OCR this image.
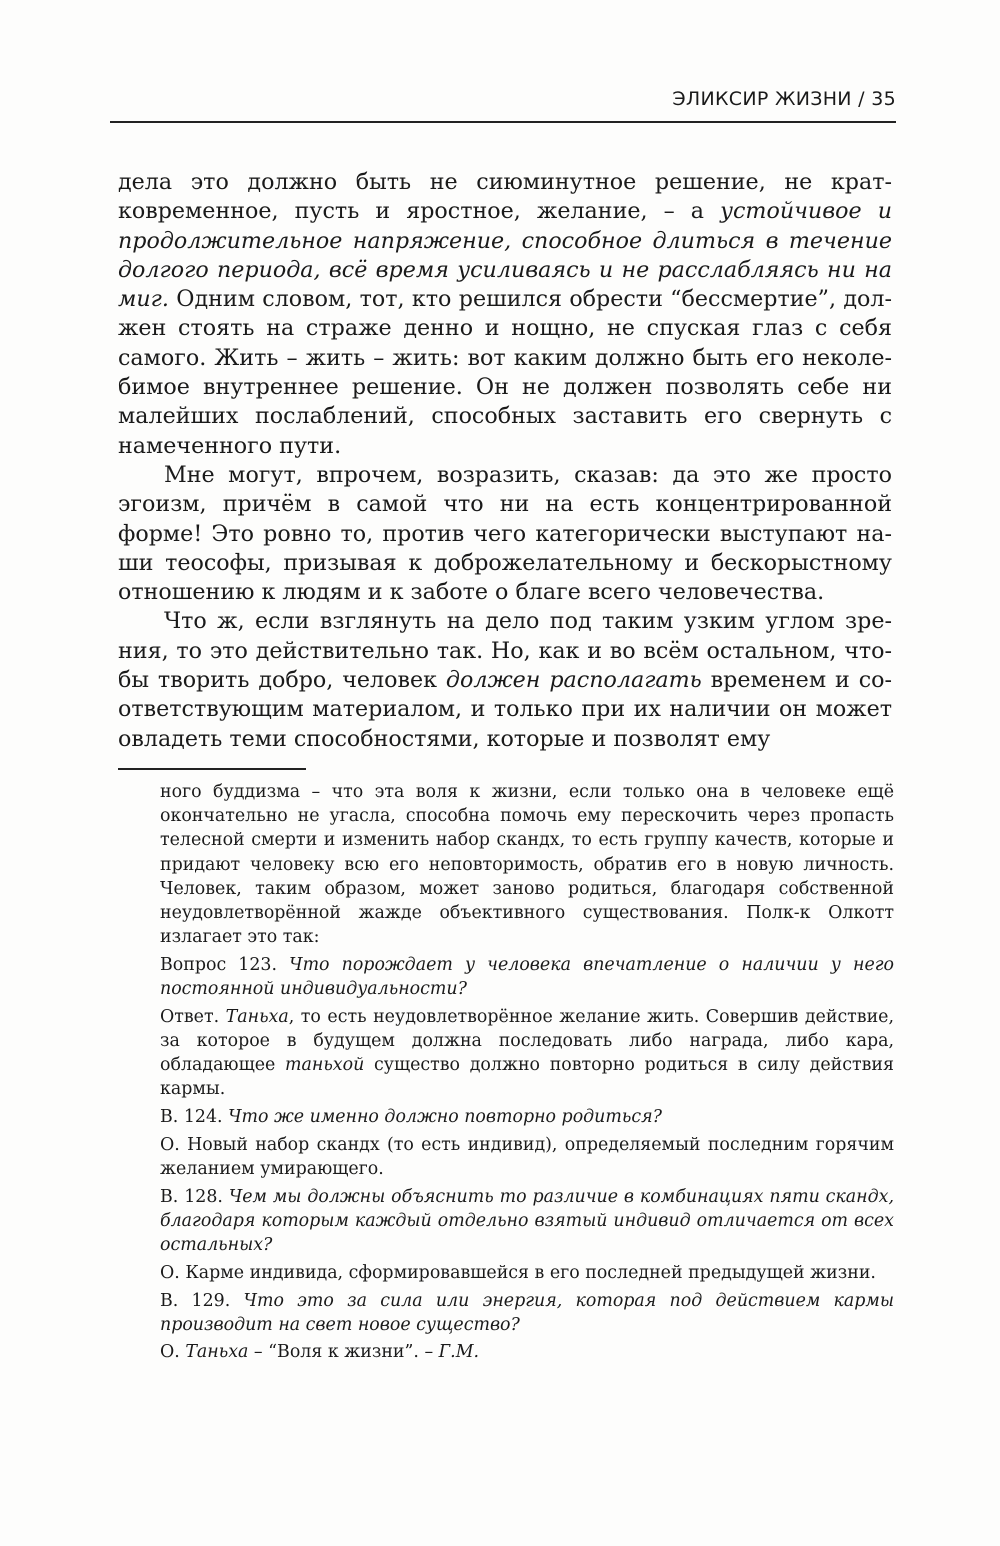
ЭЛИКСИР ЖИЗНИ / 35

дела это должно быть не сиюминутное решение, не кратковременное, пусть и яростное, желание, – а устойчивое и продолжительное напряжение, способное длиться в течение долгого периода, всё время усиливаясь и не расслабляясь ни на миг. Одним словом, тот, кто решился обрести “бессмертие”, должен стоять на страже денно и нощно, не спуская глаз с себя самого. Жить – жить – жить: вот каким должно быть его неколебимое внутреннее решение. Он не должен позволять себе ни малейших послаблений, способных заставить его свернуть с намеченного пути.

Мне могут, впрочем, возразить, сказав: да это же просто эгоизм, причём в самой что ни на есть концентрированной форме! Это ровно то, против чего категорически выступают наши теософы, призывая к доброжелательному и бескорыстному отношению к людям и к заботе о благе всего человечества.

Что ж, если взглянуть на дело под таким узким углом зрения, то это действительно так. Но, как и во всём остальном, чтобы творить добро, человек должен располагать временем и соответствующим материалом, и только при их наличии он может овладеть теми способностями, которые и позволят ему

ного буддизма – что эта воля к жизни, если только она в человеке ещё окончательно не угасла, способна помочь ему перескочить через пропасть телесной смерти и изменить набор скандх, то есть группу качеств, которые и придают человеку всю его неповторимость, обратив его в новую личность. Человек, таким образом, может заново родиться, благодаря собственной неудовлетворённой жажде объективного существования. Полк-к Олкотт излагает это так:

Вопрос 123. Что порождает у человека впечатление о наличии у него постоянной индивидуальности?

Ответ. Таньха, то есть неудовлетворённое желание жить. Совершив действие, за которое в будущем должна последовать либо награда, либо кара, обладающее таньхой существо должно повторно родиться в силу действия кармы.

В. 124. Что же именно должно повторно родиться?

О. Новый набор скандх (то есть индивид), определяемый последним горячим желанием умирающего.

В. 128. Чем мы должны объяснить то различие в комбинациях пяти скандх, благодаря которым каждый отдельно взятый индивид отличается от всех остальных?

О. Карме индивида, сформировавшейся в его последней предыдущей жизни.

В. 129. Что это за сила или энергия, которая под действием кармы производит на свет новое существо?

О. Таньха – “Воля к жизни”. – Г.М.
